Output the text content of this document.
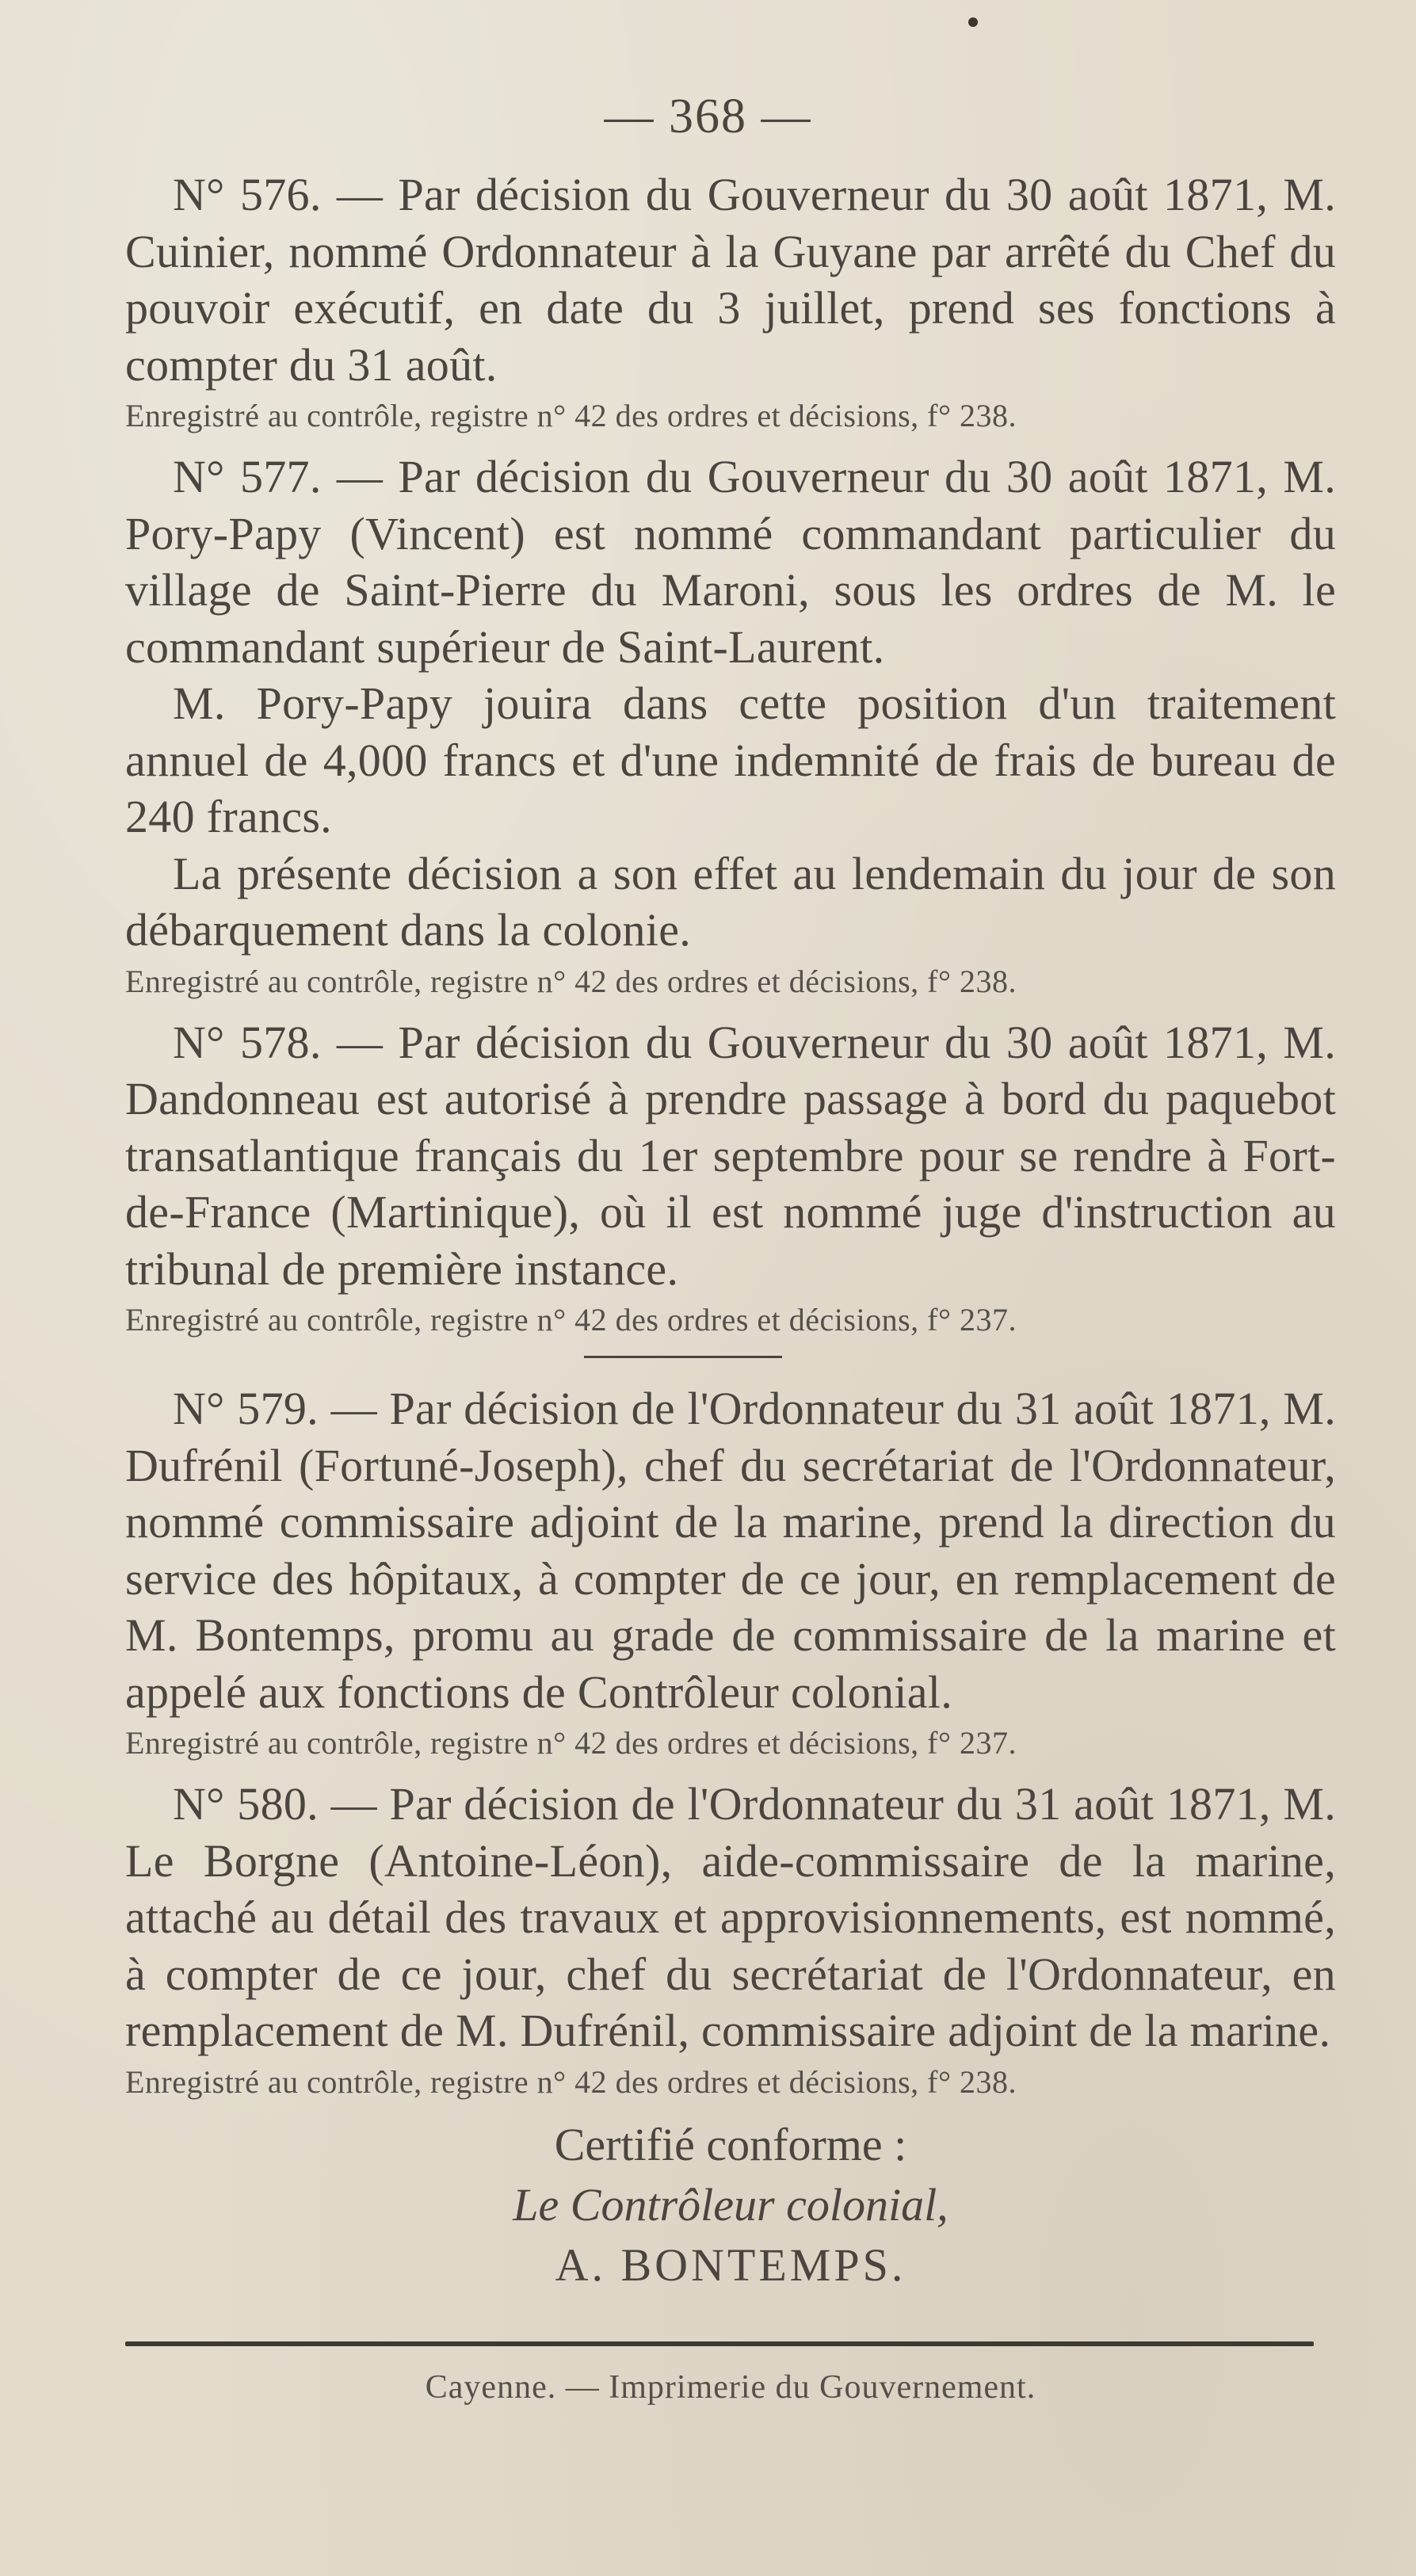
— 368 —

N° 576. — Par décision du Gouverneur du 30 août 1871, M. Cuinier, nommé Ordonnateur à la Guyane par arrêté du Chef du pouvoir exécutif, en date du 3 juillet, prend ses fonctions à compter du 31 août.

Enregistré au contrôle, registre n° 42 des ordres et décisions, f° 238.

N° 577. — Par décision du Gouverneur du 30 août 1871, M. Pory-Papy (Vincent) est nommé commandant particulier du village de Saint-Pierre du Maroni, sous les ordres de M. le commandant supérieur de Saint-Laurent.

M. Pory-Papy jouira dans cette position d'un traitement annuel de 4,000 francs et d'une indemnité de frais de bureau de 240 francs.

La présente décision a son effet au lendemain du jour de son débarquement dans la colonie.

Enregistré au contrôle, registre n° 42 des ordres et décisions, f° 238.

N° 578. — Par décision du Gouverneur du 30 août 1871, M. Dandonneau est autorisé à prendre passage à bord du paquebot transatlantique français du 1er septembre pour se rendre à Fort-de-France (Martinique), où il est nommé juge d'instruction au tribunal de première instance.

Enregistré au contrôle, registre n° 42 des ordres et décisions, f° 237.

N° 579. — Par décision de l'Ordonnateur du 31 août 1871, M. Dufrénil (Fortuné-Joseph), chef du secrétariat de l'Ordonnateur, nommé commissaire adjoint de la marine, prend la direction du service des hôpitaux, à compter de ce jour, en remplacement de M. Bontemps, promu au grade de commissaire de la marine et appelé aux fonctions de Contrôleur colonial.

Enregistré au contrôle, registre n° 42 des ordres et décisions, f° 237.

N° 580. — Par décision de l'Ordonnateur du 31 août 1871, M. Le Borgne (Antoine-Léon), aide-commissaire de la marine, attaché au détail des travaux et approvisionnements, est nommé, à compter de ce jour, chef du secrétariat de l'Ordonnateur, en remplacement de M. Dufrénil, commissaire adjoint de la marine.

Enregistré au contrôle, registre n° 42 des ordres et décisions, f° 238.
Certifié conforme :
Le Contrôleur colonial,
A. BONTEMPS.
Cayenne. — Imprimerie du Gouvernement.
